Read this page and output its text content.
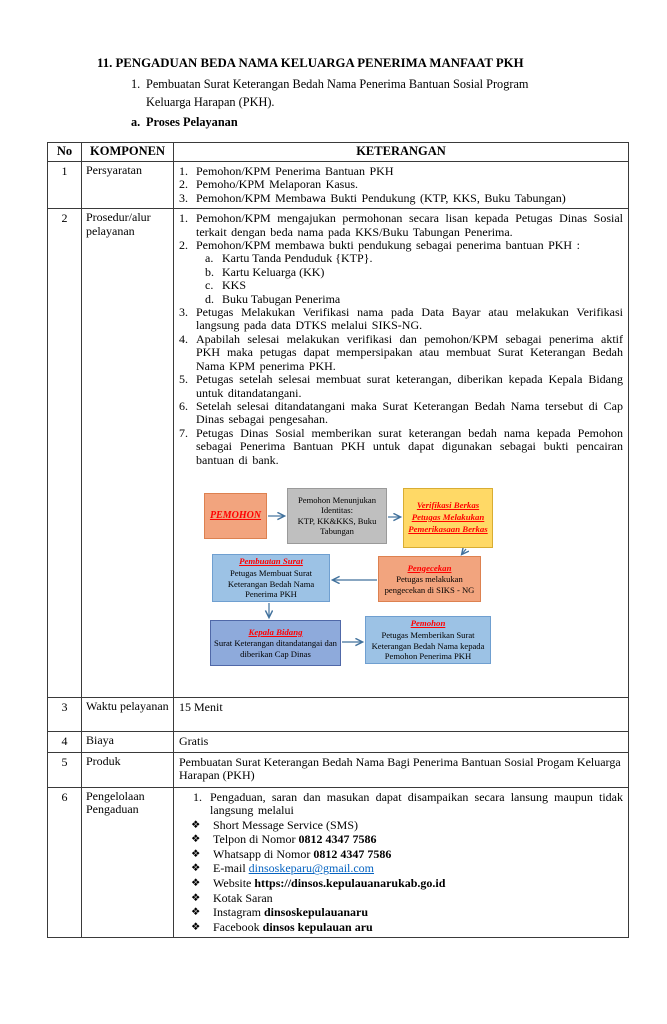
11. PENGADUAN BEDA NAMA KELUARGA PENERIMA MANFAAT PKH
1. Pembuatan Surat Keterangan Bedah Nama Penerima Bantuan Sosial Program Keluarga Harapan (PKH).
a. Proses Pelayanan
No	KOMPONEN	KETERANGAN
1	Persyaratan	1. Pemohon/KPM Penerima Bantuan PKH
2. Pemoho/KPM Melaporan Kasus.
3. Pemohon/KPM Membawa Bukti Pendukung (KTP, KKS, Buku Tabungan)

2	Prosedur/alur pelayanan	
1. Pemohon/KPM mengajukan permohonan secara lisan kepada Petugas Dinas Sosial terkait dengan beda nama pada KKS/Buku Tabungan Penerima.
2. Pemohon/KPM membawa bukti pendukung sebagai penerima bantuan PKH :
a. Kartu Tanda Penduduk {KTP}.
b. Kartu Keluarga (KK)
c. KKS
d. Buku Tabugan Penerima
3. Petugas Melakukan Verifikasi nama pada Data Bayar atau melakukan Verifikasi langsung pada data DTKS melalui SIKS-NG.
4. Apabilah selesai melakukan verifikasi dan pemohon/KPM sebagai penerima aktif PKH maka petugas dapat mempersipakan atau membuat Surat Keterangan Bedah Nama KPM penerima PKH.
5. Petugas setelah selesai membuat surat keterangan, diberikan kepada Kepala Bidang untuk ditandatangani.
6. Setelah selesai ditandatangani maka Surat Keterangan Bedah Nama tersebut di Cap Dinas sebagai pengesahan.
7. Petugas Dinas Sosial memberikan surat keterangan bedah nama kepada Pemohon sebagai Penerima Bantuan PKH untuk dapat digunakan sebagai bukti pencairan bantuan di bank.
PEMOHON
Pemohon Menunjukan Identitas:
KTP, KK&KKS, Buku Tabungan
Verifikasi Berkas Petugas Melakukan Pemerikasaan Berkas
Pengecekan
Petugas melakukan pengecekan di SIKS - NG
Pembuatan Surat
Petugas Membuat Surat Keterangan Bedah Nama Penerima PKH
Kepala Bidang
Surat Keterangan ditandatangai dan diberikan Cap Dinas
Pemohon
Petugas Memberikan Surat Keterangan Bedah Nama kepada Pemohon Penerima PKH

3	Waktu pelayanan	15 Menit
4	Biaya	Gratis
5	Produk	Pembuatan Surat Keterangan Bedah Nama Bagi Penerima Bantuan Sosial Progam Keluarga Harapan (PKH)
6	Pengelolaan Pengaduan	
1. Pengaduan, saran dan masukan dapat disampaikan secara lansung maupun tidak langsung melalui
❖	Short Message Service (SMS)
❖	Telpon di Nomor 0812 4347 7586
❖	Whatsapp di Nomor 0812 4347 7586
❖	E-mail dinsoskeparu@gmail.com
❖	Website https://dinsos.kepulauanarukab.go.id
❖	Kotak Saran
❖	Instagram dinsoskepulauanaru
❖	Facebook dinsos kepulauan aru
